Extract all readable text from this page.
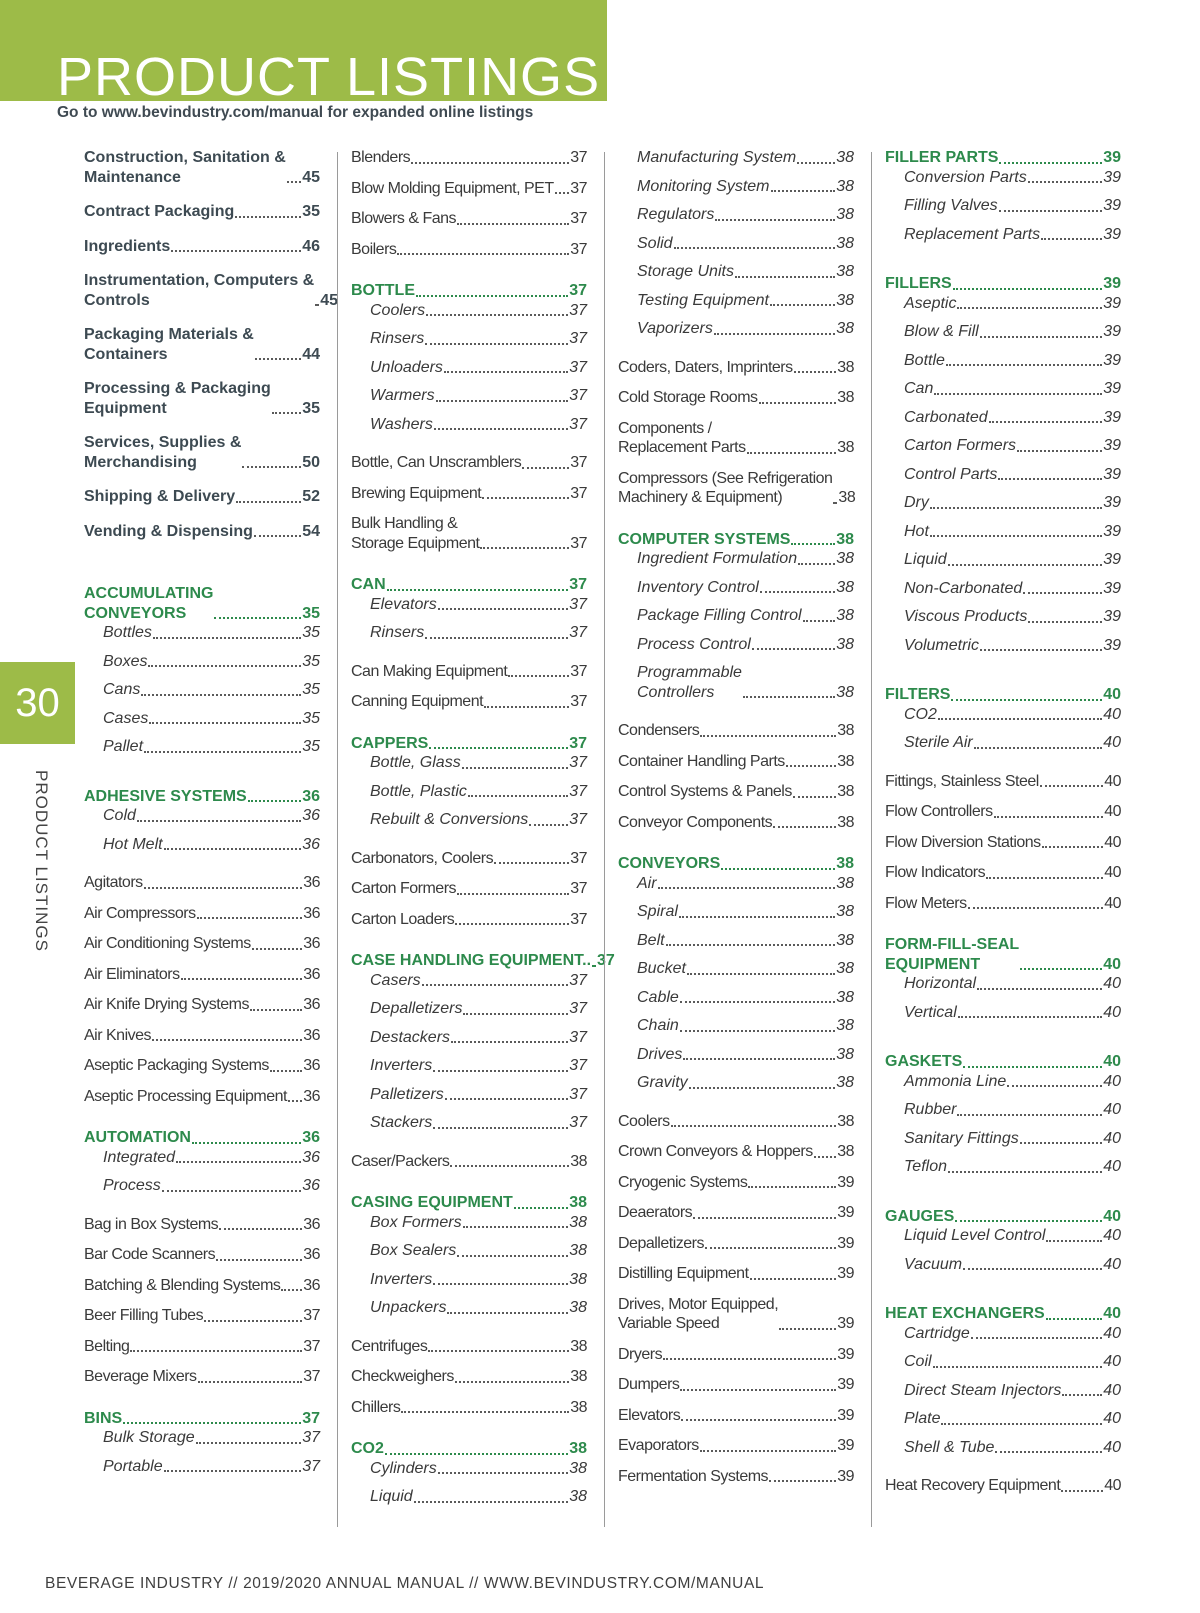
PRODUCT LISTINGS
Go to www.bevindustry.com/manual for expanded online listings
30
PRODUCT LISTINGS
Construction, Sanitation &
Maintenance	45
Contract Packaging	35
Ingredients	46
Instrumentation, Computers &
Controls	45
Packaging Materials &
Containers	44
Processing & Packaging
Equipment	35
Services, Supplies &
Merchandising	50
Shipping & Delivery	52
Vending & Dispensing	54
ACCUMULATING
CONVEYORS	35
Bottles	35
Boxes	35
Cans	35
Cases	35
Pallet	35
ADHESIVE SYSTEMS	36
Cold	36
Hot Melt	36
Agitators	36
Air Compressors	36
Air Conditioning Systems	36
Air Eliminators	36
Air Knife Drying Systems	36
Air Knives	36
Aseptic Packaging Systems 36
Aseptic Processing Equipment 36
AUTOMATION	36
Integrated	36
Process	36
Bag in Box Systems	36
Bar Code Scanners	36
Batching & Blending Systems 36
Beer Filling Tubes	37
Belting	37
Beverage Mixers	37
BINS	37
Bulk Storage	37
Portable	37
Blenders	37
Blow Molding Equipment, PET 37
Blowers & Fans	37
Boilers	37
BOTTLE	37
Coolers	37
Rinsers	37
Unloaders	37
Warmers	37
Washers	37
Bottle, Can Unscramblers	37
Brewing Equipment	37
Bulk Handling &
Storage Equipment	37
CAN	37
Elevators	37
Rinsers	37
Can Making Equipment	37
Canning Equipment	37
CAPPERS	37
Bottle, Glass	37
Bottle, Plastic	37
Rebuilt & Conversions	37
Carbonators, Coolers	37
Carton Formers	37
Carton Loaders	37
CASE HANDLING EQUIPMENT.. 37
Casers	37
Depalletizers	37
Destackers	37
Inverters	37
Palletizers	37
Stackers	37
Caser/Packers	38
CASING EQUIPMENT	38
Box Formers	38
Box Sealers	38
Inverters	38
Unpackers	38
Centrifuges	38
Checkweighers	38
Chillers	38
CO2	38
Cylinders	38
Liquid	38
Manufacturing System	38
Monitoring System	38
Regulators	38
Solid	38
Storage Units	38
Testing Equipment	38
Vaporizers	38
Coders, Daters, Imprinters	38
Cold Storage Rooms	38
Components /
Replacement Parts	38
Compressors (See Refrigeration
Machinery & Equipment)	38
COMPUTER SYSTEMS	38
Ingredient Formulation 38
Inventory Control	38
Package Filling Control 38
Process Control	38
Programmable
Controllers	38
Condensers	38
Container Handling Parts	38
Control Systems & Panels	38
Conveyor Components	38
CONVEYORS	38
Air	38
Spiral	38
Belt	38
Bucket	38
Cable	38
Chain	38
Drives	38
Gravity	38
Coolers	38
Crown Conveyors & Hoppers 38
Cryogenic Systems	39
Deaerators	39
Depalletizers	39
Distilling Equipment	39
Drives, Motor Equipped,
Variable Speed	39
Dryers	39
Dumpers	39
Elevators	39
Evaporators	39
Fermentation Systems	39
FILLER PARTS	39
Conversion Parts	39
Filling Valves	39
Replacement Parts	39
FILLERS	39
Aseptic	39
Blow & Fill	39
Bottle	39
Can	39
Carbonated	39
Carton Formers	39
Control Parts	39
Dry	39
Hot	39
Liquid	39
Non-Carbonated	39
Viscous Products	39
Volumetric	39
FILTERS	40
CO2	40
Sterile Air	40
Fittings, Stainless Steel	40
Flow Controllers	40
Flow Diversion Stations	40
Flow Indicators	40
Flow Meters	40
FORM-FILL-SEAL
EQUIPMENT	40
Horizontal	40
Vertical	40
GASKETS	40
Ammonia Line	40
Rubber	40
Sanitary Fittings	40
Teflon	40
GAUGES	40
Liquid Level Control	40
Vacuum	40
HEAT EXCHANGERS	40
Cartridge	40
Coil	40
Direct Steam Injectors	40
Plate	40
Shell & Tube	40
Heat Recovery Equipment	40
BEVERAGE INDUSTRY // 2019/2020 ANNUAL MANUAL // WWW.BEVINDUSTRY.COM/MANUAL
